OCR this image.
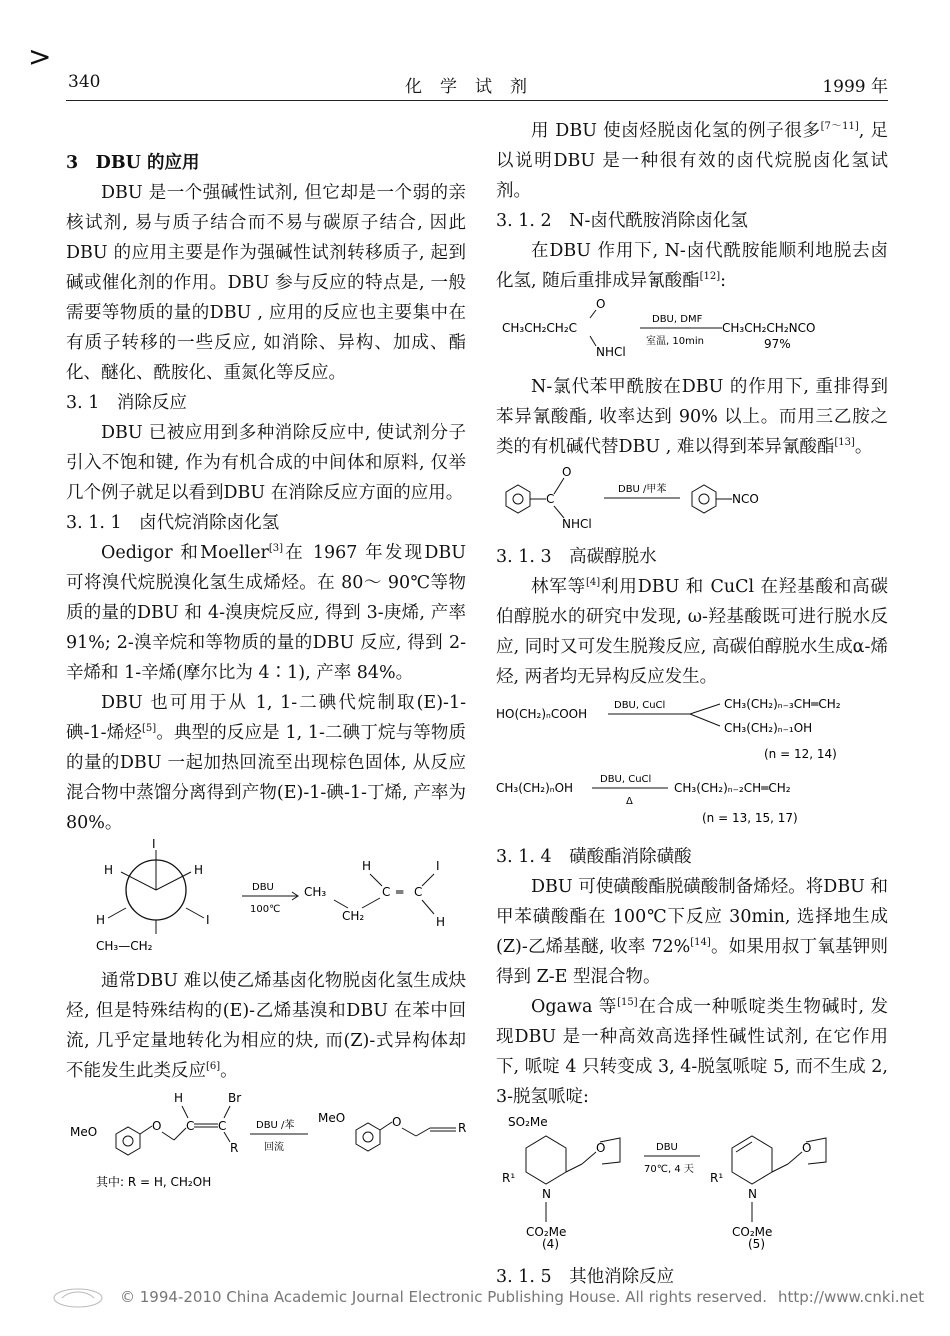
>
340	化学试剂	1999 年
3　DBU 的应用

DBU 是一个强碱性试剂, 但它却是一个弱的亲核试剂, 易与质子结合而不易与碳原子结合, 因此DBU 的应用主要是作为强碱性试剂转移质子, 起到碱或催化剂的作用。DBU 参与反应的特点是, 一般需要等物质的量的DBU , 应用的反应也主要集中在有质子转移的一些反应, 如消除、异构、加成、酯化、醚化、酰胺化、重氮化等反应。

3. 1　消除反应

DBU 已被应用到多种消除反应中, 使试剂分子引入不饱和键, 作为有机合成的中间体和原料, 仅举几个例子就足以看到DBU 在消除反应方面的应用。

3. 1. 1　卤代烷消除卤化氢

Oedigor 和Moeller[3]在 1967 年发现DBU 可将溴代烷脱溴化氢生成烯烃。在 80～ 90℃等物质的量的DBU 和 4-溴庚烷反应, 得到 3-庚烯, 产率 91%; 2-溴辛烷和等物质的量的DBU 反应, 得到 2-辛烯和 1-辛烯(摩尔比为 4∶1), 产率 84%。

DBU 也可用于从 1, 1-二碘代烷制取(E)-1-碘-1-烯烃[5]。典型的反应是 1, 1-二碘丁烷与等物质的量的DBU 一起加热回流至出现棕色固体, 从反应混合物中蒸馏分离得到产物(E)-1-碘-1-丁烯, 产率为 80%。

I
H	H
H	I
CH₃—CH₂
DBU
100℃
H	I
CH₃	C ═ C
CH₂	H

通常DBU 难以使乙烯基卤化物脱卤化氢生成炔烃, 但是特殊结构的(E)-乙烯基溴和DBU 在苯中回流, 几乎定量地转化为相应的炔, 而(Z)-式异构体却不能发生此类反应[6]。

MeO	O C C
H	Br
R
DBU /苯
回流
MeO	O	R
其中: R = H, CH₂OH

用 DBU 使卤烃脱卤化氢的例子很多[7～11], 足以说明DBU 是一种很有效的卤代烷脱卤化氢试剂。

3. 1. 2　N-卤代酰胺消除卤化氢

在DBU 作用下, N-卤代酰胺能顺利地脱去卤化氢, 随后重排成异氰酸酯[12]:

O
CH₃CH₂CH₂C
NHCl
DBU, DMF
室温, 10min
CH₃CH₂CH₂NCO
97%

N-氯代苯甲酰胺在DBU 的作用下, 重排得到苯异氰酸酯, 收率达到 90% 以上。而用三乙胺之类的有机碱代替DBU , 难以得到苯异氰酸酯[13]。

C
O
NHCl
DBU /甲苯
NCO
3. 1. 3　高碳醇脱水

林军等[4]利用DBU 和 CuCl 在羟基酸和高碳伯醇脱水的研究中发现, ω-羟基酸既可进行脱水反应, 同时又可发生脱羧反应, 高碳伯醇脱水生成α-烯烃, 两者均无异构反应发生。

HO(CH₂)ₙCOOH
DBU, CuCl	CH₃(CH₂)ₙ₋₃CH═CH₂
CH₃(CH₂)ₙ₋₁OH
(n = 12, 14)
CH₃(CH₂)ₙOH
DBU, CuCl
Δ
CH₃(CH₂)ₙ₋₂CH═CH₂
(n = 13, 15, 17)
3. 1. 4　磺酸酯消除磺酸

DBU 可使磺酸酯脱磺酸制备烯烃。将DBU 和甲苯磺酸酯在 100℃下反应 30min, 选择地生成(Z)-乙烯基醚, 收率 72%[14]。如果用叔丁氧基钾则得到 Z-E 型混合物。

Ogawa 等[15]在合成一种哌啶类生物碱时, 发现DBU 是一种高效高选择性碱性试剂, 在它作用下, 哌啶 4 只转变成 3, 4-脱氢哌啶 5, 而不生成 2, 3-脱氢哌啶:

SO₂Me
R¹
N
O
CO₂Me
(4)
DBU
70℃, 4 天
R¹
N
O
CO₂Me
(5)
3. 1. 5　其他消除反应
© 1994-2010 China Academic Journal Electronic Publishing House. All rights reserved. http://www.cnki.net
